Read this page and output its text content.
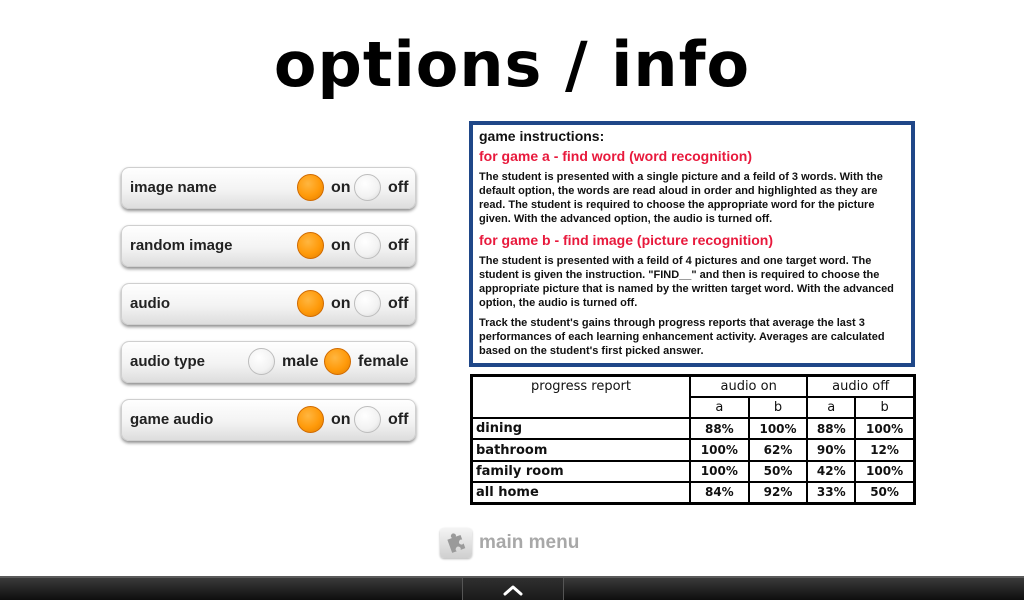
options / info
image name	on off
random image	on off
audio	on off
audio type	male female
game audio	on off
game instructions:
for game a - find word (word recognition)

The student is presented with a single picture and a feild of 3 words. With the default option, the words are read aloud in order and highlighted as they are read. The student is required to choose the appropriate word for the picture given. With the advanced option, the audio is turned off.

for game b - find image (picture recognition)

The student is presented with a feild of 4 pictures and one target word. The student is given the instruction. "FIND__" and then is required to choose the appropriate picture that is named by the written target word. With the advanced option, the audio is turned off.

Track the student's gains through progress reports that average the last 3 performances of each learning enhancement activity. Averages are calculated based on the student's first picked answer.

progress report	audio on		audio off	
	a	b	a	b
dining	88%	100%	88%	100%
bathroom	100%	62%	90%	12%
family room	100%	50%	42%	100%
all home	84%	92%	33%	50%
main menu
